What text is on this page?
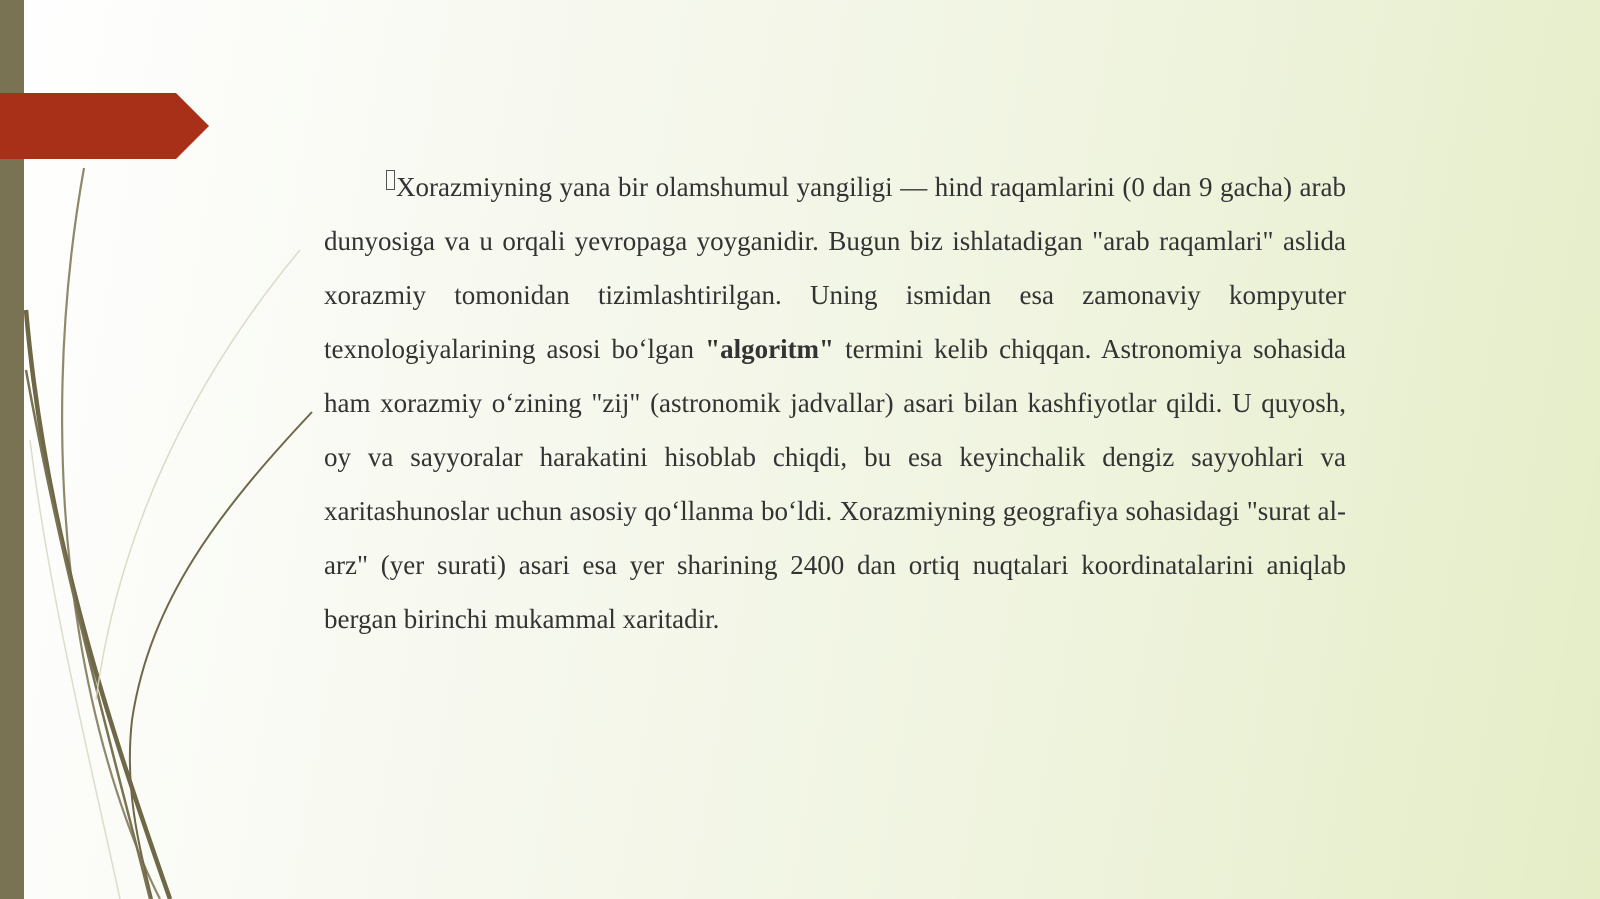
Xorazmiyning yana bir olamshumul yangiligi — hind raqamlarini (0 dan 9 gacha) arab dunyosiga va u orqali yevropaga yoyganidir. Bugun biz ishlatadigan "arab raqamlari" aslida xorazmiy tomonidan tizimlashtirilgan. Uning ismidan esa zamonaviy kompyuter texnologiyalarining asosi bo‘lgan "algoritm" termini kelib chiqqan. Astronomiya sohasida ham xorazmiy o‘zining "zij" (astronomik jadvallar) asari bilan kashfiyotlar qildi. U quyosh, oy va sayyoralar harakatini hisoblab chiqdi, bu esa keyinchalik dengiz sayyohlari va xaritashunoslar uchun asosiy qo‘llanma bo‘ldi. Xorazmiyning geografiya sohasidagi "surat al-arz" (yer surati) asari esa yer sharining 2400 dan ortiq nuqtalari koordinatalarini aniqlab bergan birinchi mukammal xaritadir.
